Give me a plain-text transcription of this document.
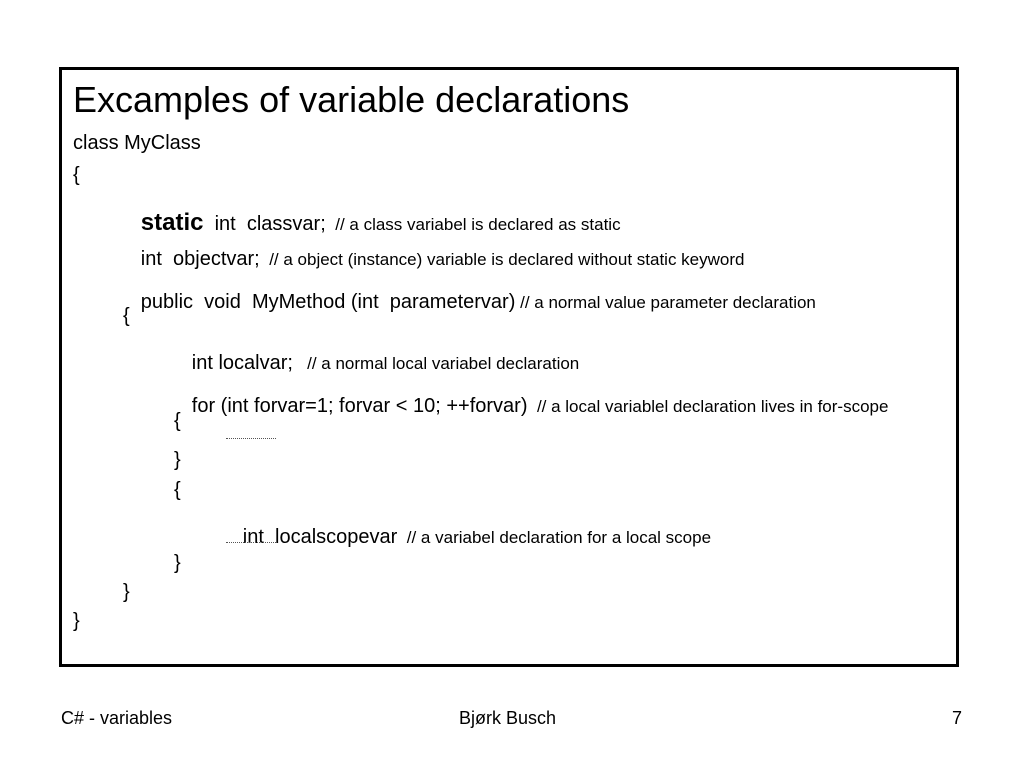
Excamples of variable declarations
class MyClass
{

static int  classvar; // a class variabel is declared as static

int  objectvar; // a object (instance) variable is declared without static keyword

public  void  MyMethod (int  parametervar) // a normal value parameter declaration

{

int localvar; // a normal local variabel declaration

for (int forvar=1; forvar < 10; ++forvar) // a local variablel declaration lives in for-scope

{
}
{

int  localscopevar // a variabel declaration for a local scope

}
}
}
C# - variables	Bjørk Busch	7
